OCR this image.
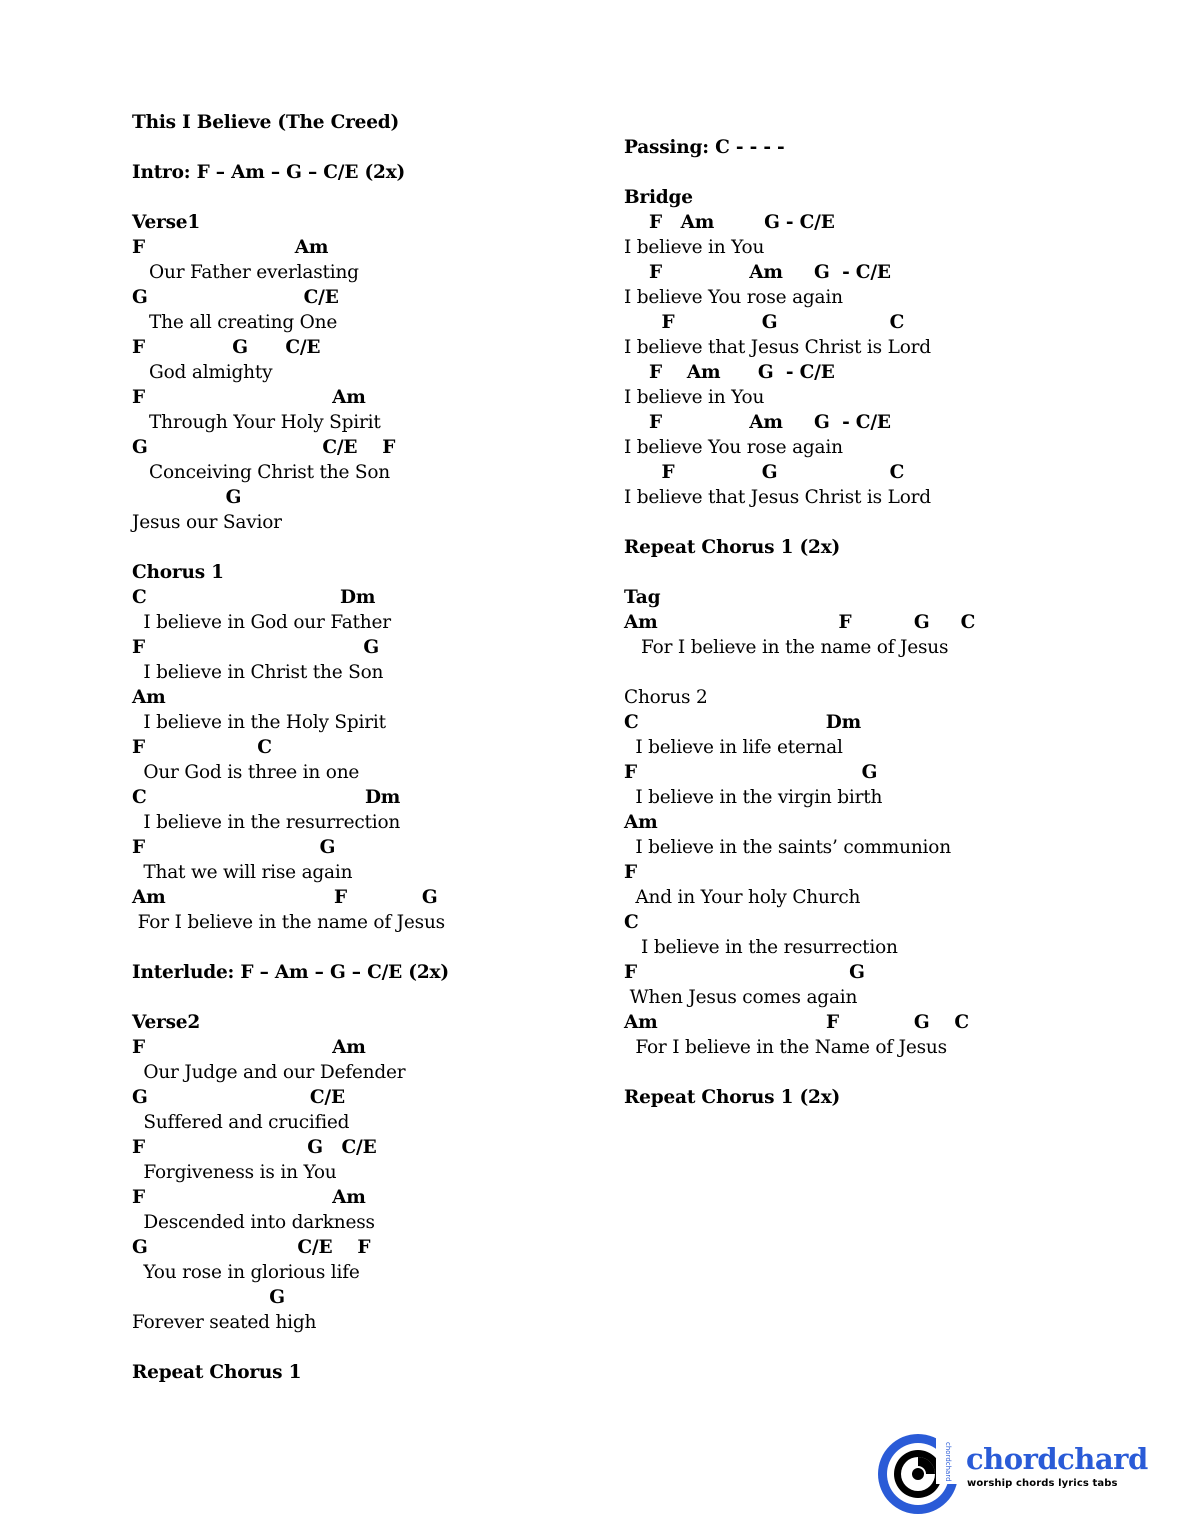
This I Believe (The Creed)
Intro: F – Am – G – C/E (2x)
Verse1
F                        Am
Our Father everlasting
G                         C/E
The all creating One
F              G      C/E
God almighty
F                              Am
Through Your Holy Spirit
G                            C/E    F
Conceiving Christ the Son
G
Jesus our Savior
Chorus 1
C                               Dm
I believe in God our Father
F                                   G
I believe in Christ the Son
Am
I believe in the Holy Spirit
F                  C
Our God is three in one
C                                   Dm
I believe in the resurrection
F                            G
That we will rise again
Am                           F            G
For I believe in the name of Jesus
Interlude: F – Am – G – C/E (2x)
Verse2
F                              Am
Our Judge and our Defender
G                          C/E
Suffered and crucified
F                          G   C/E
Forgiveness is in You
F                              Am
Descended into darkness
G                        C/E    F
You rose in glorious life
G
Forever seated high
Repeat Chorus 1
Passing: C - - - -
Bridge
F   Am        G - C/E
I believe in You
F              Am     G  - C/E
I believe You rose again
F              G                  C
I believe that Jesus Christ is Lord
F    Am      G  - C/E
I believe in You
F              Am     G  - C/E
I believe You rose again
F              G                  C
I believe that Jesus Christ is Lord
Repeat Chorus 1 (2x)
Tag
Am                             F          G     C
For I believe in the name of Jesus
Chorus 2
C                              Dm
I believe in life eternal
F                                    G
I believe in the virgin birth
Am
I believe in the saints’ communion
F
And in Your holy Church
C
I believe in the resurrection
F                                  G
When Jesus comes again
Am                           F            G    C
For I believe in the Name of Jesus
Repeat Chorus 1 (2x)
chordchard chordchard
worship chords lyrics tabs
